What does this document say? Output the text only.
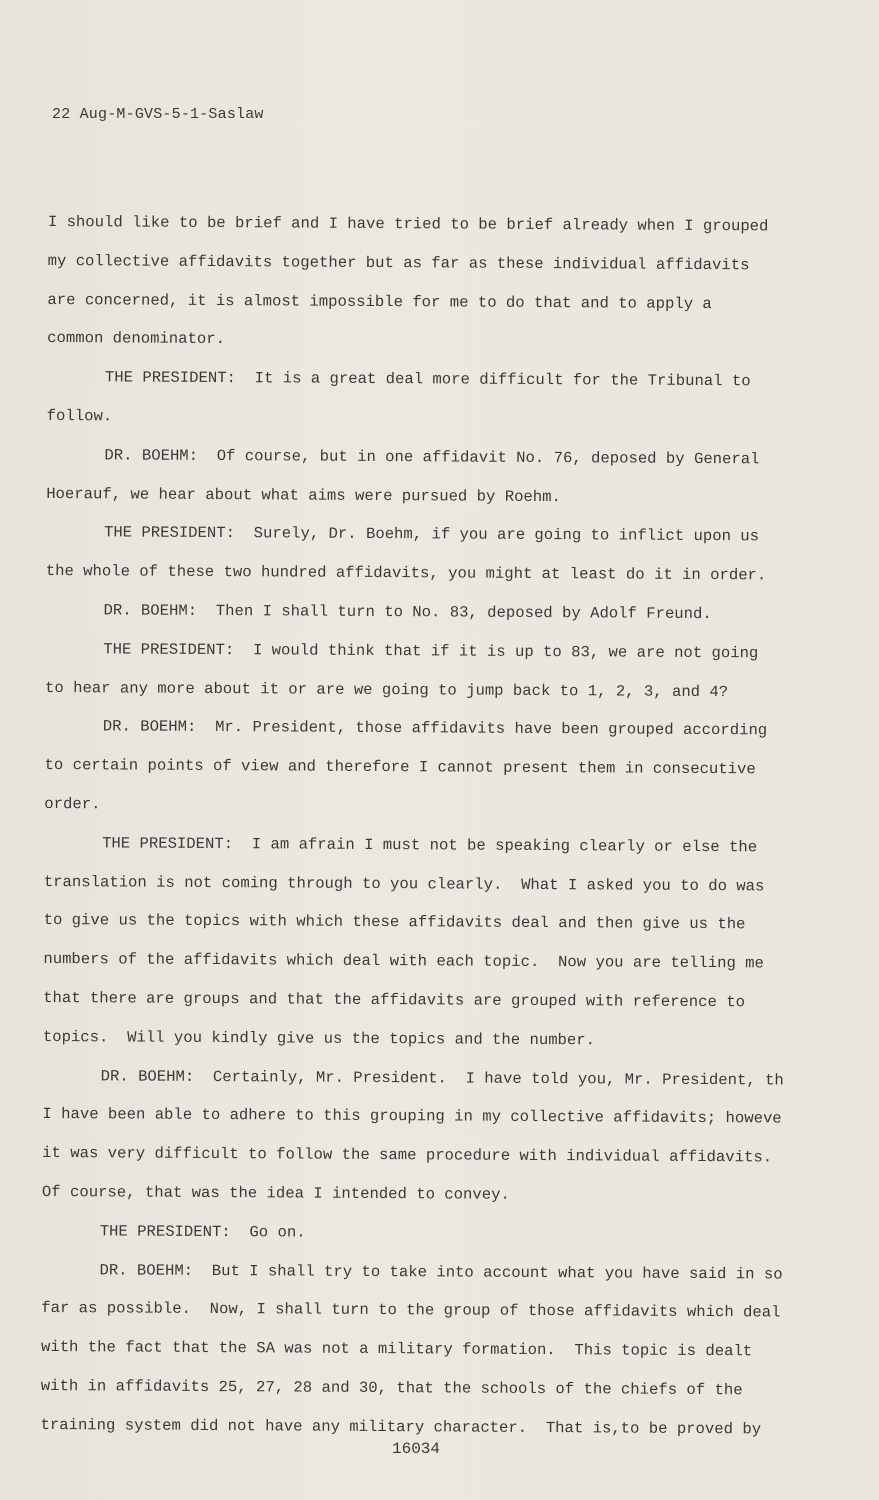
22 Aug-M-GVS-5-1-Saslaw
I should like to be brief and I have tried to be brief already when I grouped
my collective affidavits together but as far as these individual affidavits
are concerned, it is almost impossible for me to do that and to apply a
common denominator.
THE PRESIDENT:  It is a great deal more difficult for the Tribunal to
follow.
DR. BOEHM:  Of course, but in one affidavit No. 76, deposed by General
Hoerauf, we hear about what aims were pursued by Roehm.
THE PRESIDENT:  Surely, Dr. Boehm, if you are going to inflict upon us
the whole of these two hundred affidavits, you might at least do it in order.
DR. BOEHM:  Then I shall turn to No. 83, deposed by Adolf Freund.
THE PRESIDENT:  I would think that if it is up to 83, we are not going
to hear any more about it or are we going to jump back to 1, 2, 3, and 4?
DR. BOEHM:  Mr. President, those affidavits have been grouped according
to certain points of view and therefore I cannot present them in consecutive
order.
THE PRESIDENT:  I am afrain I must not be speaking clearly or else the
translation is not coming through to you clearly.  What I asked you to do was
to give us the topics with which these affidavits deal and then give us the
numbers of the affidavits which deal with each topic.  Now you are telling me
that there are groups and that the affidavits are grouped with reference to
topics.  Will you kindly give us the topics and the number.
DR. BOEHM:  Certainly, Mr. President.  I have told you, Mr. President, th
I have been able to adhere to this grouping in my collective affidavits; howeve
it was very difficult to follow the same procedure with individual affidavits.
Of course, that was the idea I intended to convey.
THE PRESIDENT:  Go on.
DR. BOEHM:  But I shall try to take into account what you have said in so
far as possible.  Now, I shall turn to the group of those affidavits which deal
with the fact that the SA was not a military formation.  This topic is dealt
with in affidavits 25, 27, 28 and 30, that the schools of the chiefs of the
training system did not have any military character.  That is,to be proved by
16034
